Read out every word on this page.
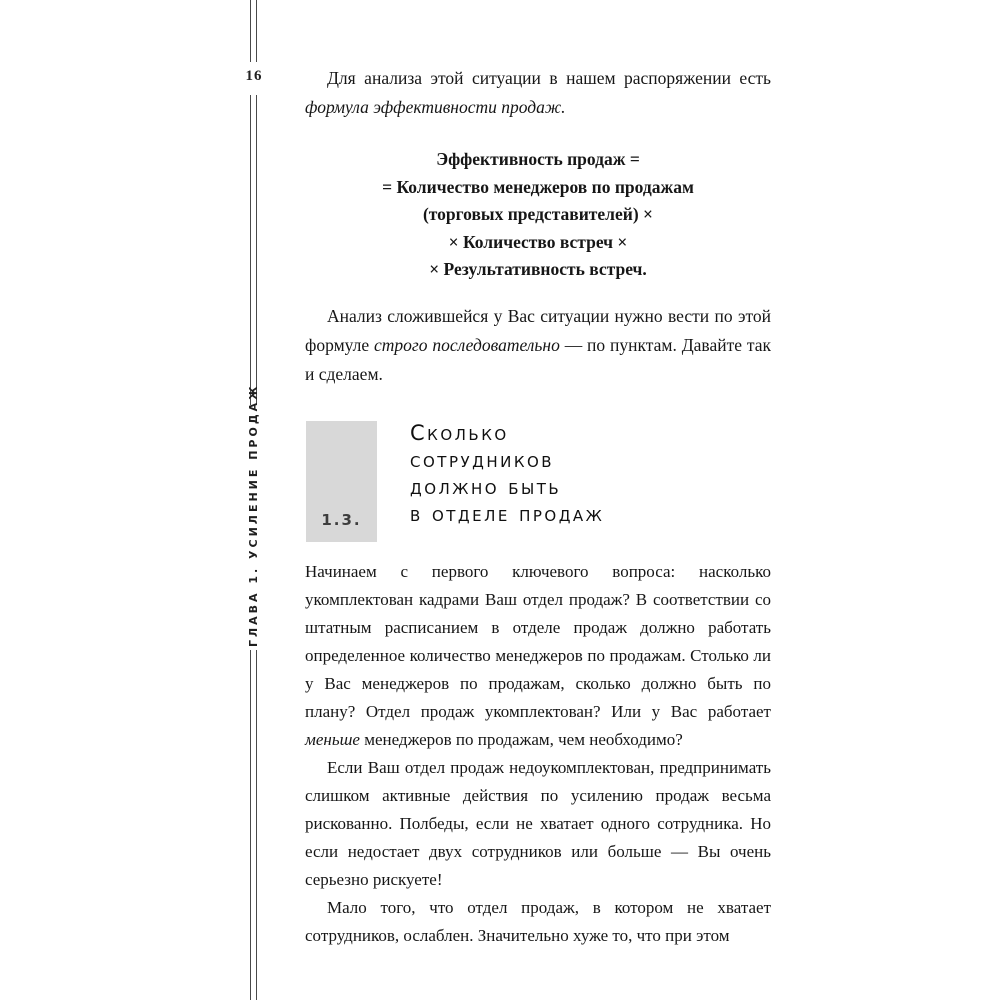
16
ГЛАВА 1. УСИЛЕНИЕ ПРОДАЖ

Для анализа этой ситуации в нашем распоряжении есть формула эффективности продаж.

Эффективность продаж =
= Количество менеджеров по продажам
(торговых представителей) ×
× Количество встреч ×
× Результативность встреч.

Анализ сложившейся у Вас ситуации нужно вести по этой формуле строго последовательно — по пунктам. Давайте так и сделаем.

1.3.
Сколько
сотрудников
должно быть
в отделе продаж

Начинаем с первого ключевого вопроса: насколько укомплектован кадрами Ваш отдел продаж? В соответствии со штатным расписанием в отделе продаж должно работать определенное количество менеджеров по продажам. Столько ли у Вас менеджеров по продажам, сколько должно быть по плану? Отдел продаж укомплектован? Или у Вас работает меньше менеджеров по продажам, чем необходимо?

Если Ваш отдел продаж недоукомплектован, предпринимать слишком активные действия по усилению продаж весьма рискованно. Полбеды, если не хватает одного сотрудника. Но если недостает двух сотрудников или больше — Вы очень серьезно рискуете!

Мало того, что отдел продаж, в котором не хватает сотрудников, ослаблен. Значительно хуже то, что при этом
